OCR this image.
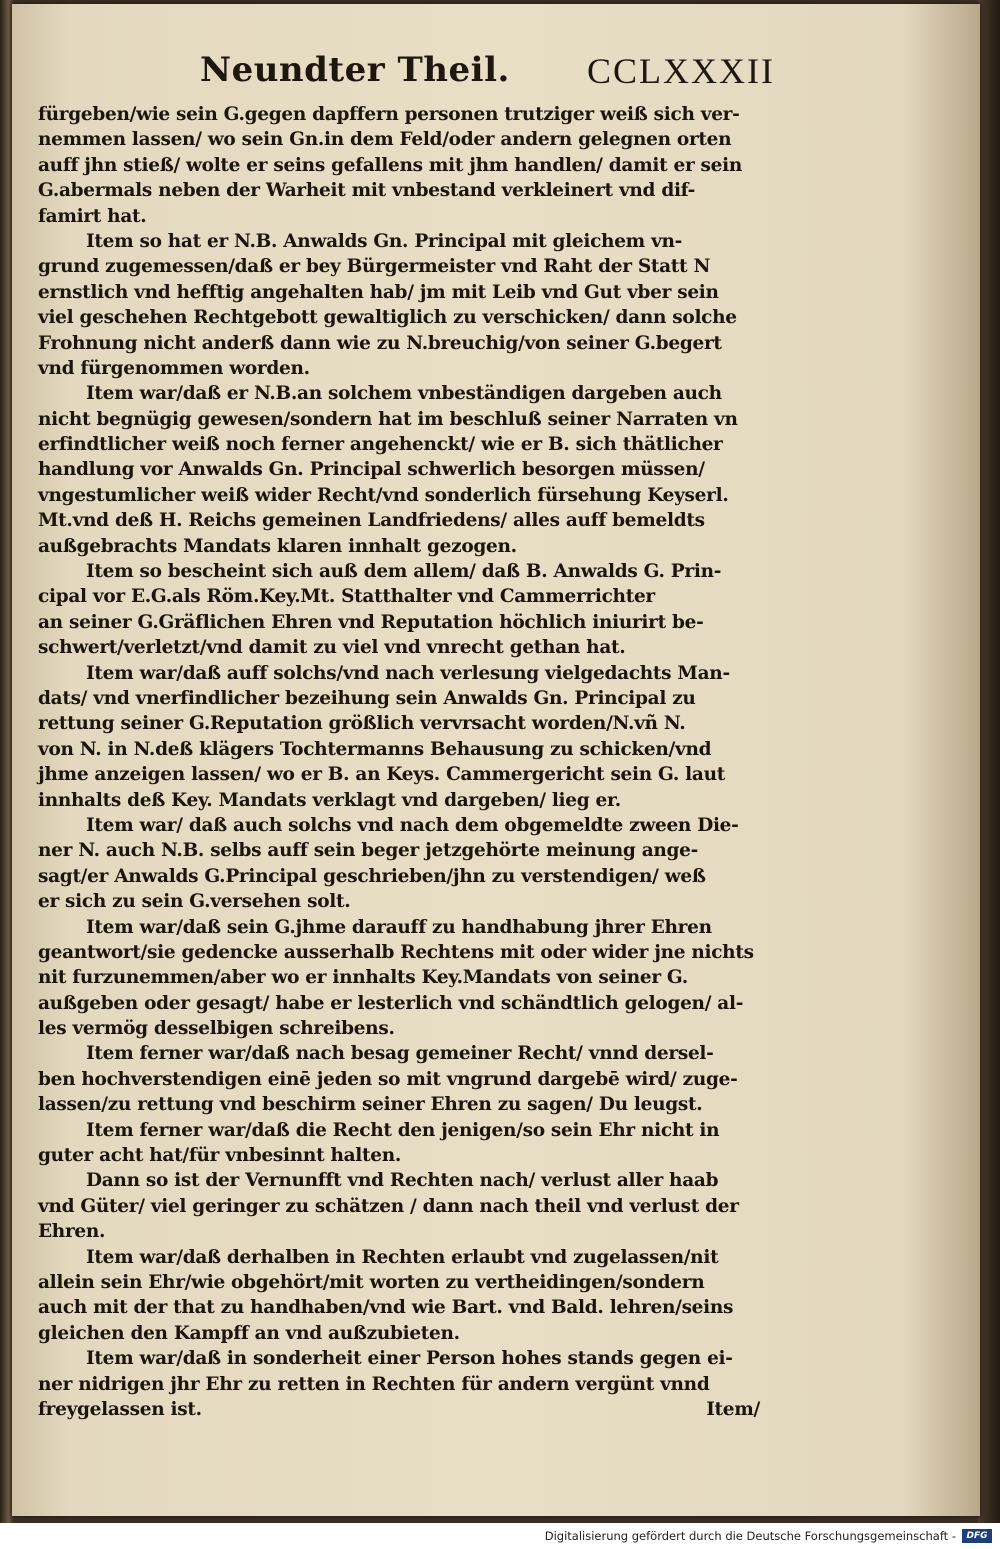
Neundter Theil. CCLXXXII
fürgeben/wie sein G.gegen dapffern personen trutziger weiß sich ver-
nemmen lassen/ wo sein Gn.in dem Feld/oder andern gelegnen orten
auff jhn stieß/ wolte er seins gefallens mit jhm handlen/ damit er sein
G.abermals neben der Warheit mit vnbestand verkleinert vnd dif-
famirt hat.
Item so hat er N.B. Anwalds Gn. Principal mit gleichem vn-
grund zugemessen/daß er bey Bürgermeister vnd Raht der Statt N
ernstlich vnd hefftig angehalten hab/ jm mit Leib vnd Gut vber sein
viel geschehen Rechtgebott gewaltiglich zu verschicken/ dann solche
Frohnung nicht anderß dann wie zu N.breuchig/von seiner G.begert
vnd fürgenommen worden.
Item war/daß er N.B.an solchem vnbeständigen dargeben auch
nicht begnügig gewesen/sondern hat im beschluß seiner Narraten vn
erfindtlicher weiß noch ferner angehenckt/ wie er B. sich thätlicher
handlung vor Anwalds Gn. Principal schwerlich besorgen müssen/
vngestumlicher weiß wider Recht/vnd sonderlich fürsehung Keyserl.
Mt.vnd deß H. Reichs gemeinen Landfriedens/ alles auff bemeldts
außgebrachts Mandats klaren innhalt gezogen.
Item so bescheint sich auß dem allem/ daß B. Anwalds G. Prin-
cipal vor E.G.als Röm.Key.Mt. Statthalter vnd Cammerrichter
an seiner G.Gräflichen Ehren vnd Reputation höchlich iniurirt be-
schwert/verletzt/vnd damit zu viel vnd vnrecht gethan hat.
Item war/daß auff solchs/vnd nach verlesung vielgedachts Man-
dats/ vnd vnerfindlicher bezeihung sein Anwalds Gn. Principal zu
rettung seiner G.Reputation größlich vervrsacht worden/N.vñ N.
von N. in N.deß klägers Tochtermanns Behausung zu schicken/vnd
jhme anzeigen lassen/ wo er B. an Keys. Cammergericht sein G. laut
innhalts deß Key. Mandats verklagt vnd dargeben/ lieg er.
Item war/ daß auch solchs vnd nach dem obgemeldte zween Die-
ner N. auch N.B. selbs auff sein beger jetzgehörte meinung ange-
sagt/er Anwalds G.Principal geschrieben/jhn zu verstendigen/ weß
er sich zu sein G.versehen solt.
Item war/daß sein G.jhme darauff zu handhabung jhrer Ehren
geantwort/sie gedencke ausserhalb Rechtens mit oder wider jne nichts
nit furzunemmen/aber wo er innhalts Key.Mandats von seiner G.
außgeben oder gesagt/ habe er lesterlich vnd schändtlich gelogen/ al-
les vermög desselbigen schreibens.
Item ferner war/daß nach besag gemeiner Recht/ vnnd dersel-
ben hochverstendigen einē jeden so mit vngrund dargebē wird/ zuge-
lassen/zu rettung vnd beschirm seiner Ehren zu sagen/ Du leugst.
Item ferner war/daß die Recht den jenigen/so sein Ehr nicht in
guter acht hat/für vnbesinnt halten.
Dann so ist der Vernunfft vnd Rechten nach/ verlust aller haab
vnd Güter/ viel geringer zu schätzen / dann nach theil vnd verlust der
Ehren.
Item war/daß derhalben in Rechten erlaubt vnd zugelassen/nit
allein sein Ehr/wie obgehört/mit worten zu vertheidingen/sondern
auch mit der that zu handhaben/vnd wie Bart. vnd Bald. lehren/seins
gleichen den Kampff an vnd außzubieten.
Item war/daß in sonderheit einer Person hohes stands gegen ei-
ner nidrigen jhr Ehr zu retten in Rechten für andern vergünt vnnd
freygelassen ist.	Item/
Digitalisierung gefördert durch die Deutsche Forschungsgemeinschaft -	DFG
